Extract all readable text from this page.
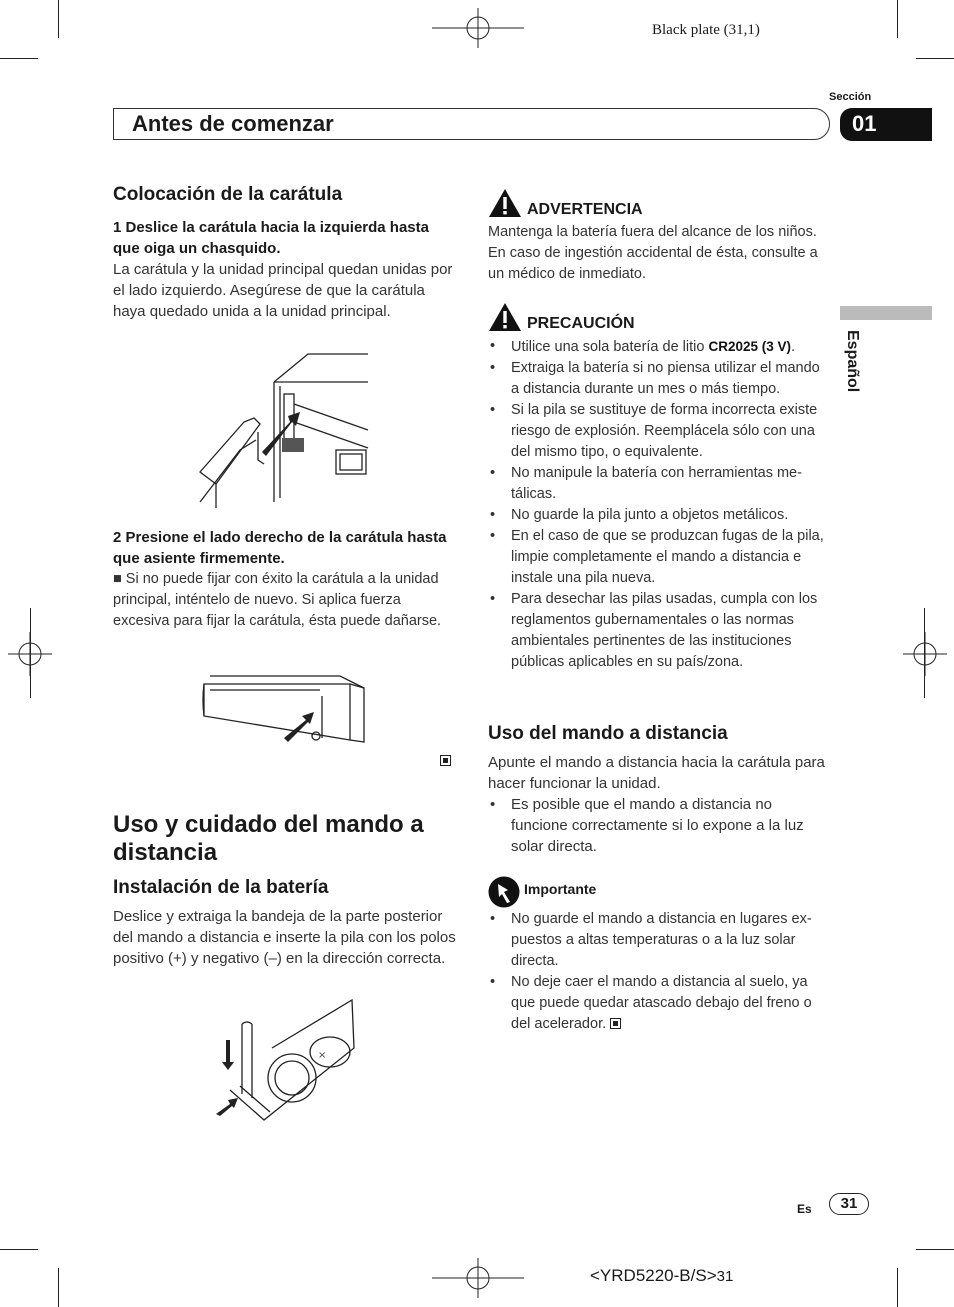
Black plate (31,1)
Sección
Antes de comenzar	01
Español
Colocación de la carátula
1 Deslice la carátula hacia la izquierda hasta que oiga un chasquido.
La carátula y la unidad principal quedan unidas por el lado izquierdo. Asegúrese de que la carátula haya quedado unida a la unidad principal.
2 Presione el lado derecho de la carátula hasta que asiente firmemente.
■ Si no puede fijar con éxito la carátula a la unidad principal, inténtelo de nuevo. Si aplica fuerza excesiva para fijar la carátula, ésta puede dañarse.
Uso y cuidado del mando a distancia
Instalación de la batería
Deslice y extraiga la bandeja de la parte posterior del mando a distancia e inserte la pila con los polos positivo (+) y negativo (–) en la dirección correcta.
×
ADVERTENCIA
Mantenga la batería fuera del alcance de los niños. En caso de ingestión accidental de ésta, consulte a un médico de inmediato.
PRECAUCIÓN
• Utilice una sola batería de litio CR2025 (3 V).
• Extraiga la batería si no piensa utilizar el mando a distancia durante un mes o más tiempo.
• Si la pila se sustituye de forma incorrecta existe riesgo de explosión. Reemplácela sólo con una del mismo tipo, o equivalente.
• No manipule la batería con herramientas metálicas.
• No guarde la pila junto a objetos metálicos.
• En el caso de que se produzcan fugas de la pila, limpie completamente el mando a distancia e instale una pila nueva.
• Para desechar las pilas usadas, cumpla con los reglamentos gubernamentales o las normas ambientales pertinentes de las instituciones públicas aplicables en su país/zona.
Uso del mando a distancia
Apunte el mando a distancia hacia la carátula para hacer funcionar la unidad.
• Es posible que el mando a distancia no funcione correctamente si lo expone a la luz solar directa.
Importante
• No guarde el mando a distancia en lugares expuestos a altas temperaturas o a la luz solar directa.
• No deje caer el mando a distancia al suelo, ya que puede quedar atascado debajo del freno o del acelerador.
Es	31
<YRD5220-B/S>31
